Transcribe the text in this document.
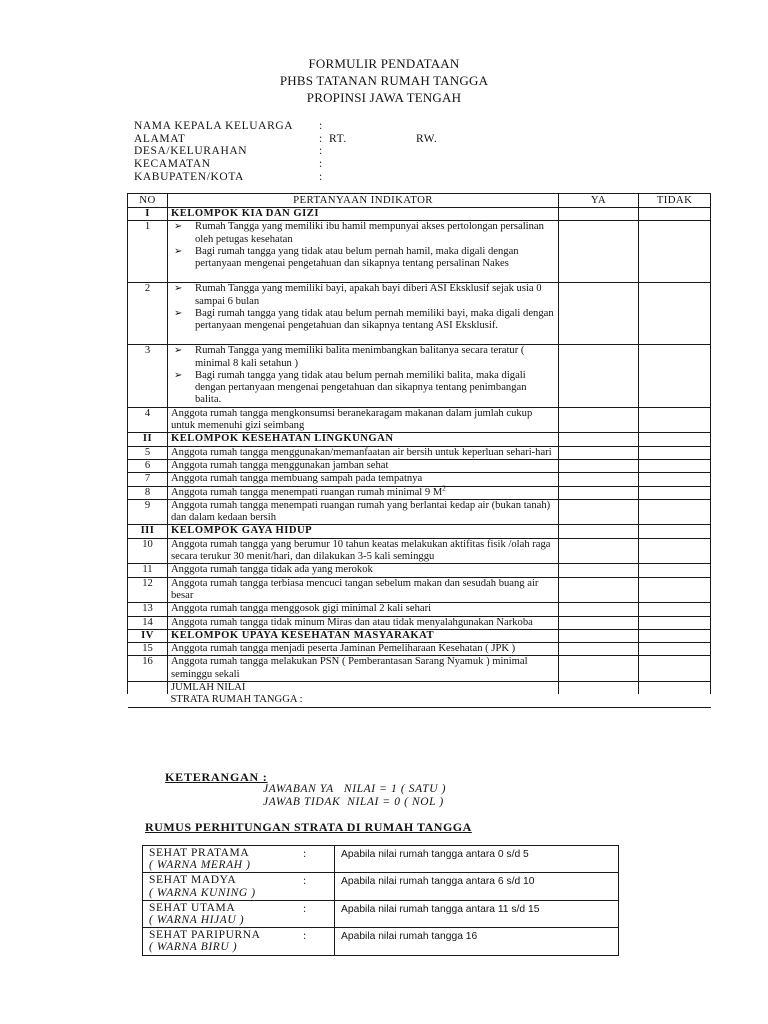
FORMULIR PENDATAAN
PHBS TATANAN RUMAH TANGGA
PROPINSI JAWA TENGAH
NAMA KEPALA KELUARGA :
ALAMAT	: RT.	RW.
DESA/KELURAHAN	:
KECAMATAN	:
KABUPATEN/KOTA	:
NO	PERTANYAAN INDIKATOR	YA	TIDAK
I	KELOMPOK KIA DAN GIZI		
1	➢ Rumah Tangga yang memiliki ibu hamil mempunyai akses pertolongan persalinan oleh petugas kesehatan
➢ Bagi rumah tangga yang tidak atau belum pernah hamil, maka digali dengan pertanyaan mengenai pengetahuan dan sikapnya tentang persalinan Nakes		

2	➢ Rumah Tangga yang memiliki bayi, apakah bayi diberi ASI Eksklusif sejak usia 0 sampai 6 bulan
➢ Bagi rumah tangga yang tidak atau belum pernah memiliki bayi, maka digali dengan pertanyaan mengenai pengetahuan dan sikapnya tentang ASI Eksklusif.		

3	➢ Rumah Tangga yang memiliki balita menimbangkan balitanya secara teratur ( minimal 8 kali setahun )
➢ Bagi rumah tangga yang tidak atau belum pernah memiliki balita, maka digali dengan pertanyaan mengenai pengetahuan dan sikapnya tentang penimbangan balita.		

4	Anggota rumah tangga mengkonsumsi beranekaragam makanan dalam jumlah cukup untuk memenuhi gizi seimbang		
II	KELOMPOK KESEHATAN LINGKUNGAN		
5	Anggota rumah tangga menggunakan/memanfaatan air bersih untuk keperluan sehari-hari		
6	Anggota rumah tangga menggunakan jamban sehat		
7	Anggota rumah tangga membuang sampah pada tempatnya		
8	Anggota rumah tangga menempati ruangan rumah minimal 9 $M^2$		
9	Anggota rumah tangga menempati ruangan rumah yang berlantai kedap air (bukan tanah) dan dalam kedaan bersih		
III	KELOMPOK GAYA HIDUP		
10	Anggota rumah tangga yang berumur 10 tahun keatas melakukan aktifitas fisik /olah raga secara terukur 30 menit/hari, dan dilakukan 3-5 kali seminggu		
11	Anggota rumah tangga tidak ada yang merokok		
12	Anggota rumah tangga terbiasa mencuci tangan sebelum makan dan sesudah buang air besar		
13	Anggota rumah tangga menggosok gigi minimal 2 kali sehari		
14	Anggota rumah tangga tidak minum Miras dan atau tidak menyalahgunakan Narkoba		
IV	KELOMPOK UPAYA KESEHATAN MASYARAKAT		
15	Anggota rumah tangga menjadi peserta Jaminan Pemeliharaan Kesehatan ( JPK )		
16	Anggota rumah tangga melakukan PSN ( Pemberantasan Sarang Nyamuk ) minimal seminggu sekali		
	JUMLAH NILAI		
	STRATA RUMAH TANGGA :		
KETERANGAN :
JAWABAN YA   NILAI = 1 ( SATU )
JAWAB TIDAK  NILAI = 0 ( NOL )
RUMUS PERHITUNGAN STRATA DI RUMAH TANGGA
SEHAT PRATAMA
( WARNA MERAH )
:	Apabila nilai rumah tangga antara 0 s/d 5

SEHAT MADYA
( WARNA KUNING )
:	Apabila nilai rumah tangga antara 6 s/d 10

SEHAT UTAMA
( WARNA HIJAU )
:	Apabila nilai rumah tangga antara 11 s/d 15

SEHAT PARIPURNA
( WARNA BIRU )
:	Apabila nilai rumah tangga 16
